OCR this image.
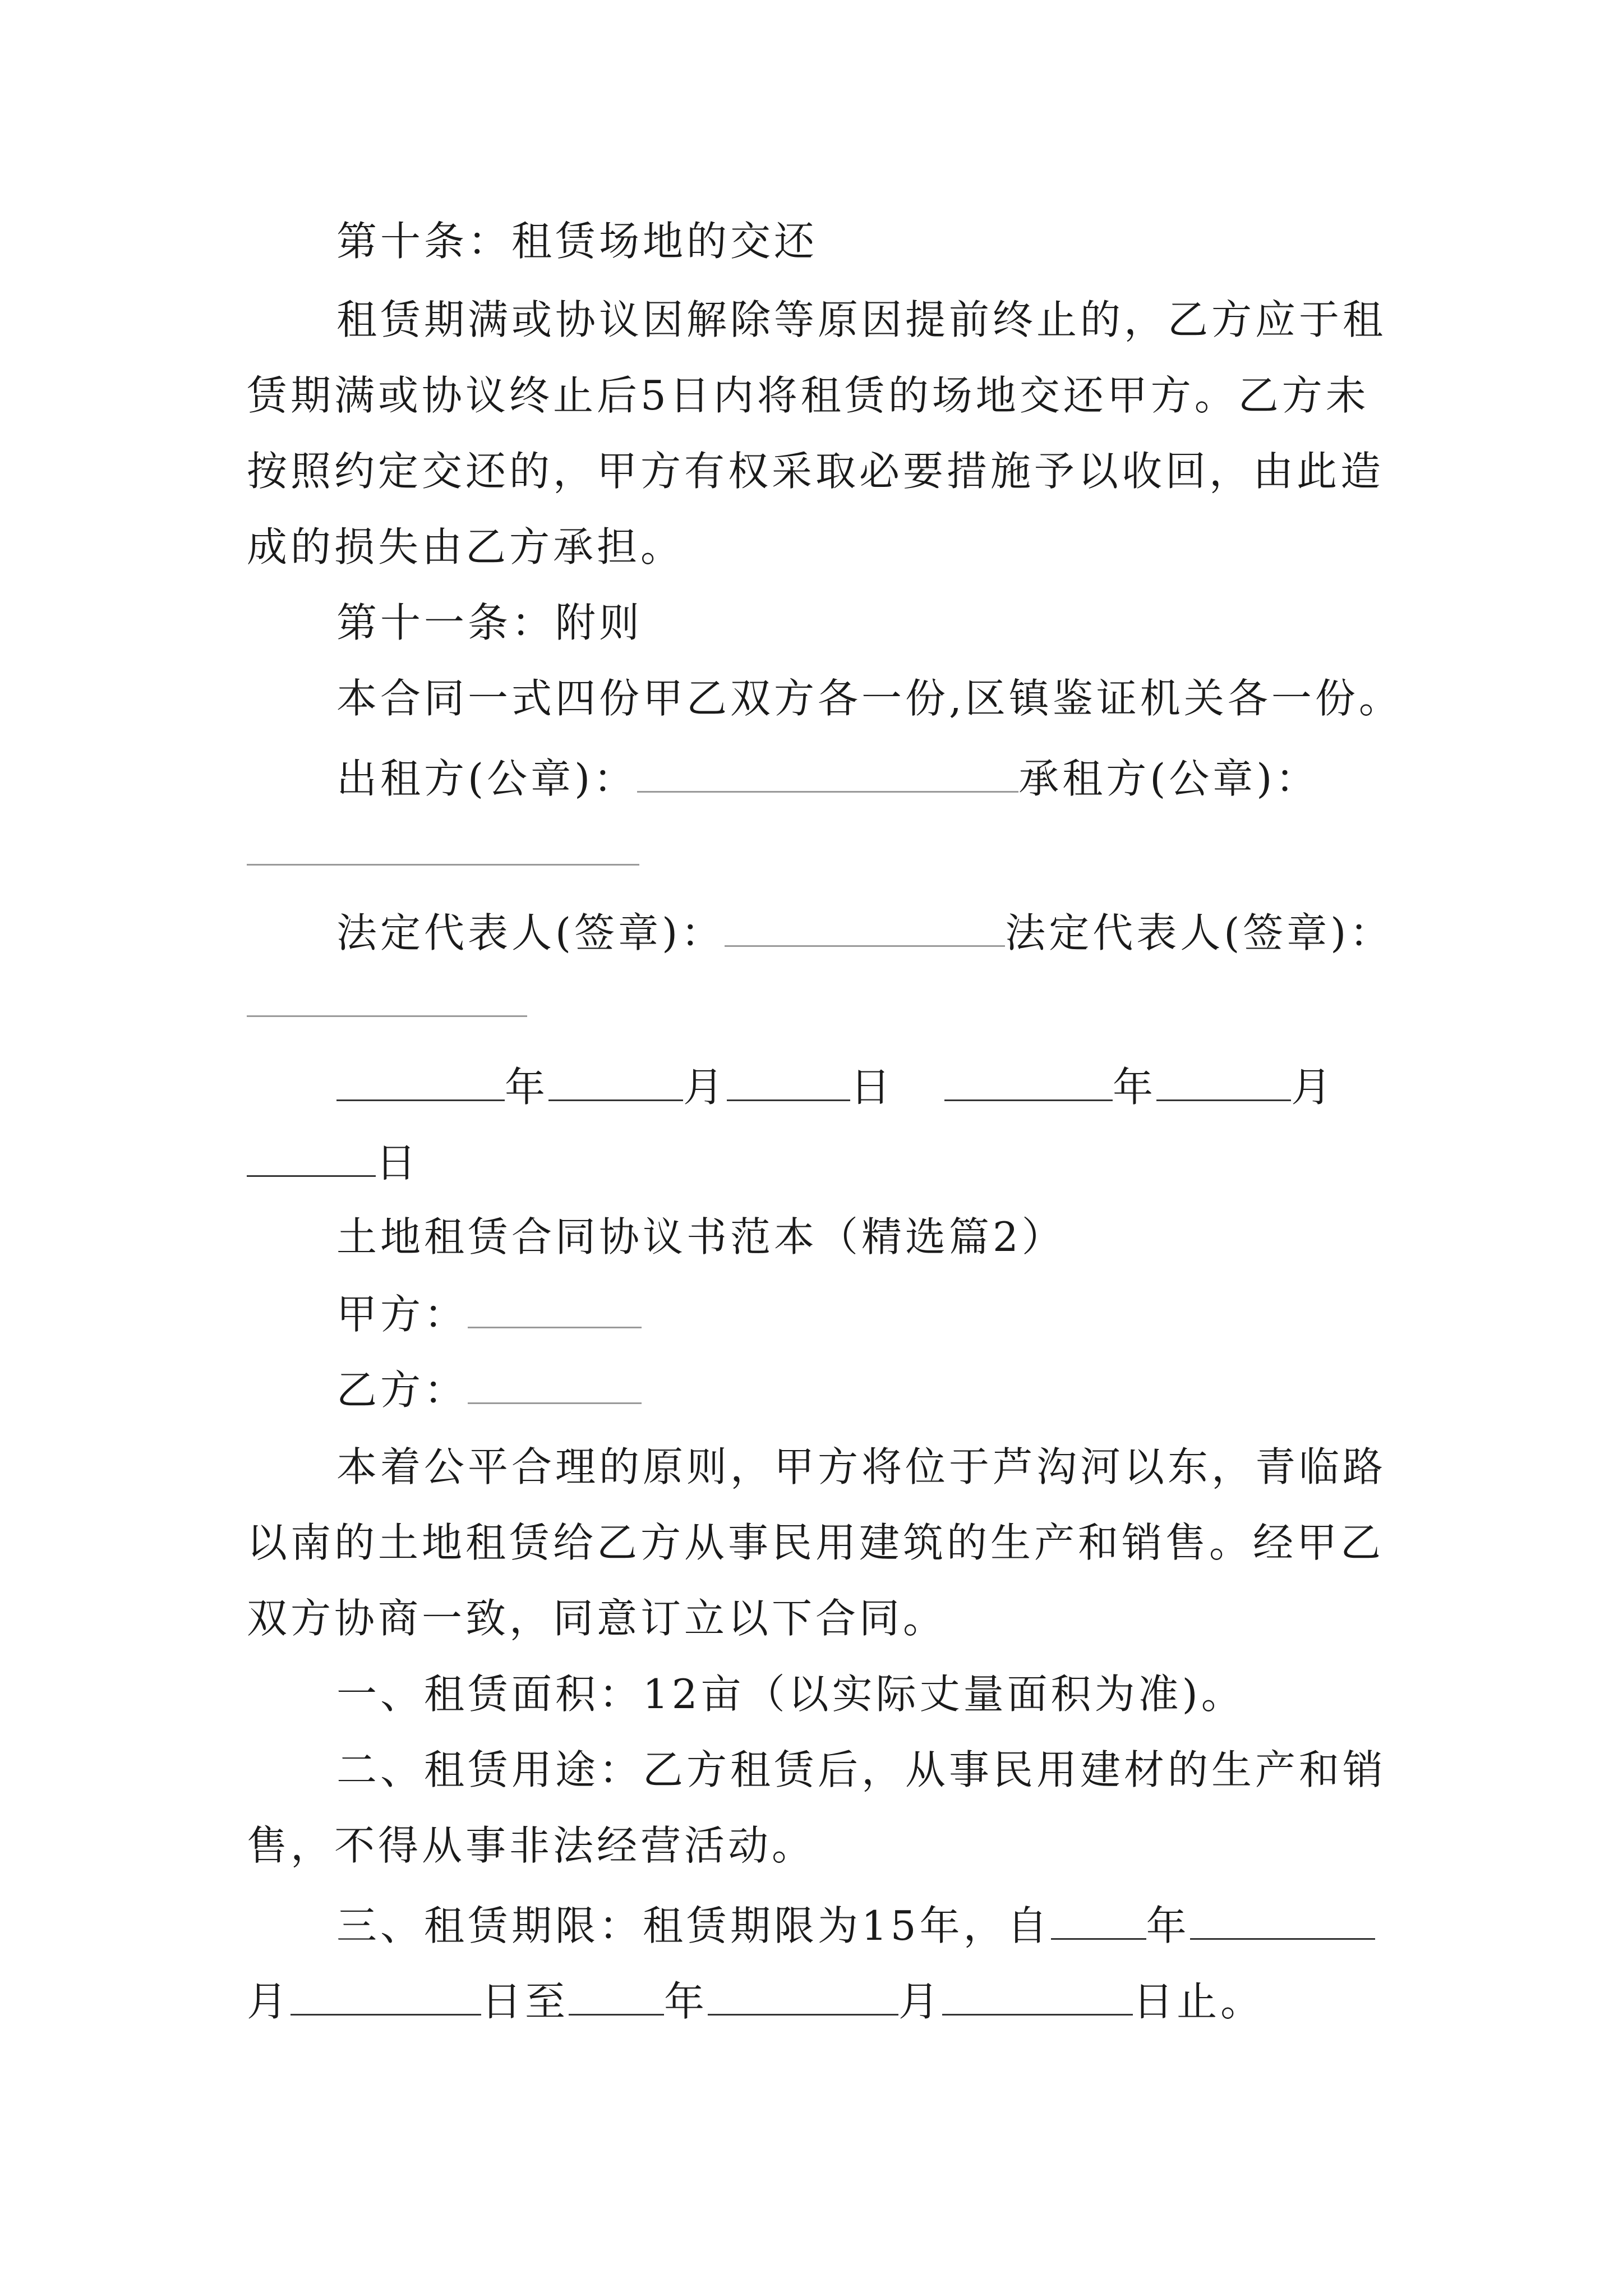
第十条：租赁场地的交还
租赁期满或协议因解除等原因提前终止的，乙方应于租
赁期满或协议终止后5日内将租赁的场地交还甲方。乙方未
按照约定交还的，甲方有权采取必要措施予以收回，由此造
成的损失由乙方承担。
第十一条：附则
本合同一式四份甲乙双方各一份,区镇鉴证机关各一份。
出租方(公章)：	承租方(公章)：
法定代表人(签章)：	法定代表人(签章)：
年	月	日	年	月
日
土地租赁合同协议书范本（精选篇2）
甲方：
乙方：
本着公平合理的原则，甲方将位于芦沟河以东，青临路
以南的土地租赁给乙方从事民用建筑的生产和销售。经甲乙
双方协商一致，同意订立以下合同。
一、租赁面积：12亩（以实际丈量面积为准)。
二、租赁用途：乙方租赁后，从事民用建材的生产和销
售，不得从事非法经营活动。
三、租赁期限：租赁期限为15年，自 年
月	日至 年	月	日止。
